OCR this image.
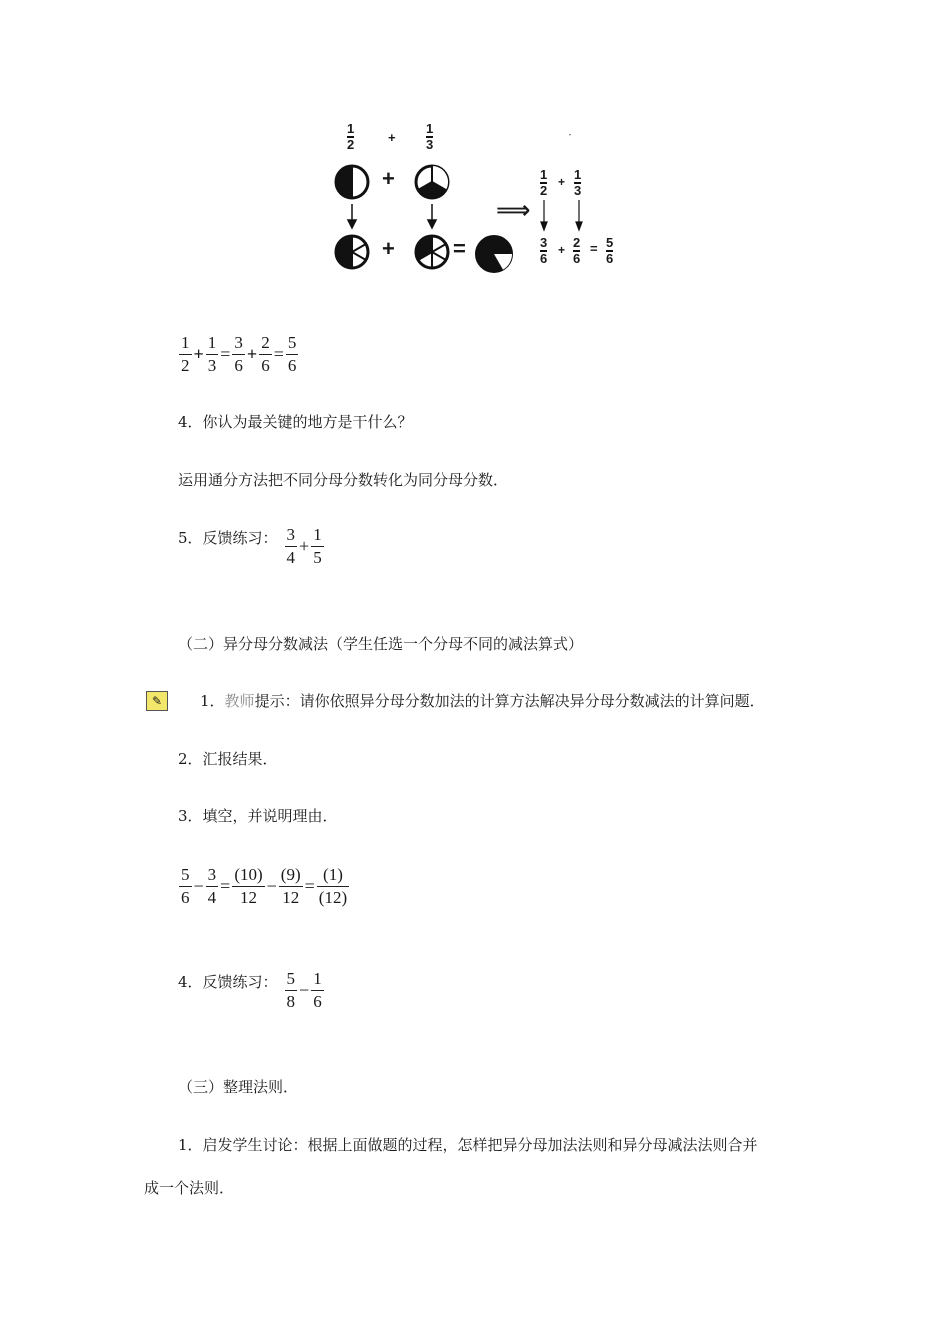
1
2	+
1
3
·
+
+	=
⟹
1
2
+ 1
3
3
6
+ 2
6
= 5
6
$\frac{1}{2} + \frac{1}{3} = \frac{3}{6} + \frac{2}{6} = \frac{5}{6}$
4．你认为最关键的地方是干什么？
运用通分方法把不同分母分数转化为同分母分数．
5．反馈练习： $\frac{3}{4} + \frac{1}{5}$
（二）异分母分数减法（学生任选一个分母不同的减法算式）
✎	1．教师提示：请你依照异分母分数加法的计算方法解决异分母分数减法的计算问题．
2．汇报结果．
3．填空，并说明理由．
$\frac{5}{6} - \frac{3}{4} = \frac{(10)}{12} - \frac{(9)}{12} = \frac{(1)}{(12)}$
4．反馈练习： $\frac{5}{8} - \frac{1}{6}$
（三）整理法则．
1．启发学生讨论：根据上面做题的过程，怎样把异分母加法法则和异分母减法法则合并
成一个法则．
